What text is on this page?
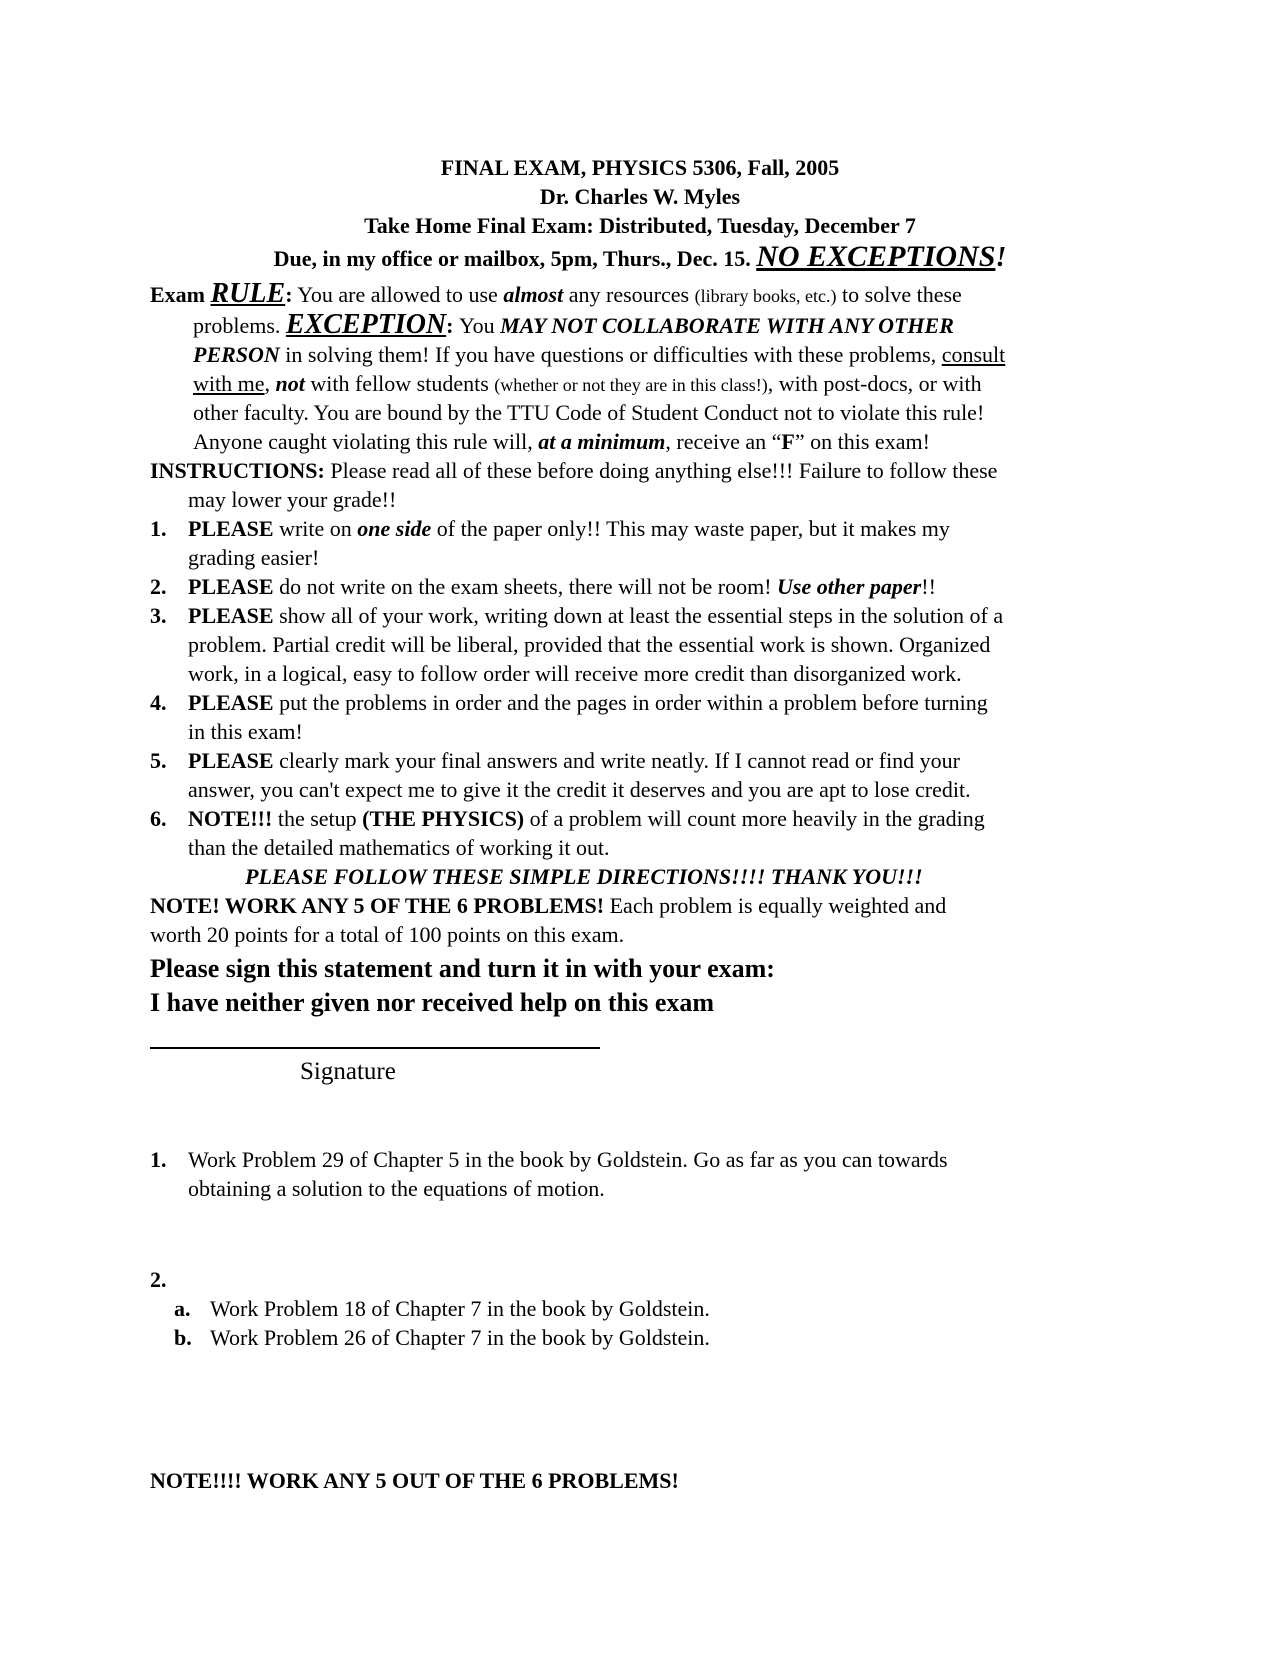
FINAL EXAM, PHYSICS 5306, Fall, 2005
Dr. Charles W. Myles
Take Home Final Exam: Distributed, Tuesday, December 7
Due, in my office or mailbox, 5pm, Thurs., Dec. 15. NO EXCEPTIONS!
Exam RULE: You are allowed to use almost any resources (library books, etc.) to solve these
problems. EXCEPTION: You MAY NOT COLLABORATE WITH ANY OTHER
PERSON in solving them! If you have questions or difficulties with these problems, consult
with me, not with fellow students (whether or not they are in this class!), with post-docs, or with
other faculty. You are bound by the TTU Code of Student Conduct not to violate this rule!
Anyone caught violating this rule will, at a minimum, receive an “F” on this exam!
INSTRUCTIONS: Please read all of these before doing anything else!!! Failure to follow these
may lower your grade!!
1. PLEASE write on one side of the paper only!! This may waste paper, but it makes my
grading easier!
2. PLEASE do not write on the exam sheets, there will not be room! Use other paper!!
3. PLEASE show all of your work, writing down at least the essential steps in the solution of a
problem. Partial credit will be liberal, provided that the essential work is shown. Organized
work, in a logical, easy to follow order will receive more credit than disorganized work.
4. PLEASE put the problems in order and the pages in order within a problem before turning
in this exam!
5. PLEASE clearly mark your final answers and write neatly. If I cannot read or find your
answer, you can't expect me to give it the credit it deserves and you are apt to lose credit.
6. NOTE!!! the setup (THE PHYSICS) of a problem will count more heavily in the grading
than the detailed mathematics of working it out.
PLEASE FOLLOW THESE SIMPLE DIRECTIONS!!!! THANK YOU!!!
NOTE! WORK ANY 5 OF THE 6 PROBLEMS! Each problem is equally weighted and
worth 20 points for a total of 100 points on this exam.
Please sign this statement and turn it in with your exam:
I have neither given nor received help on this exam
Signature
1. Work Problem 29 of Chapter 5 in the book by Goldstein. Go as far as you can towards
obtaining a solution to the equations of motion.
2.
a. Work Problem 18 of Chapter 7 in the book by Goldstein.
b. Work Problem 26 of Chapter 7 in the book by Goldstein.
NOTE!!!! WORK ANY 5 OUT OF THE 6 PROBLEMS!
